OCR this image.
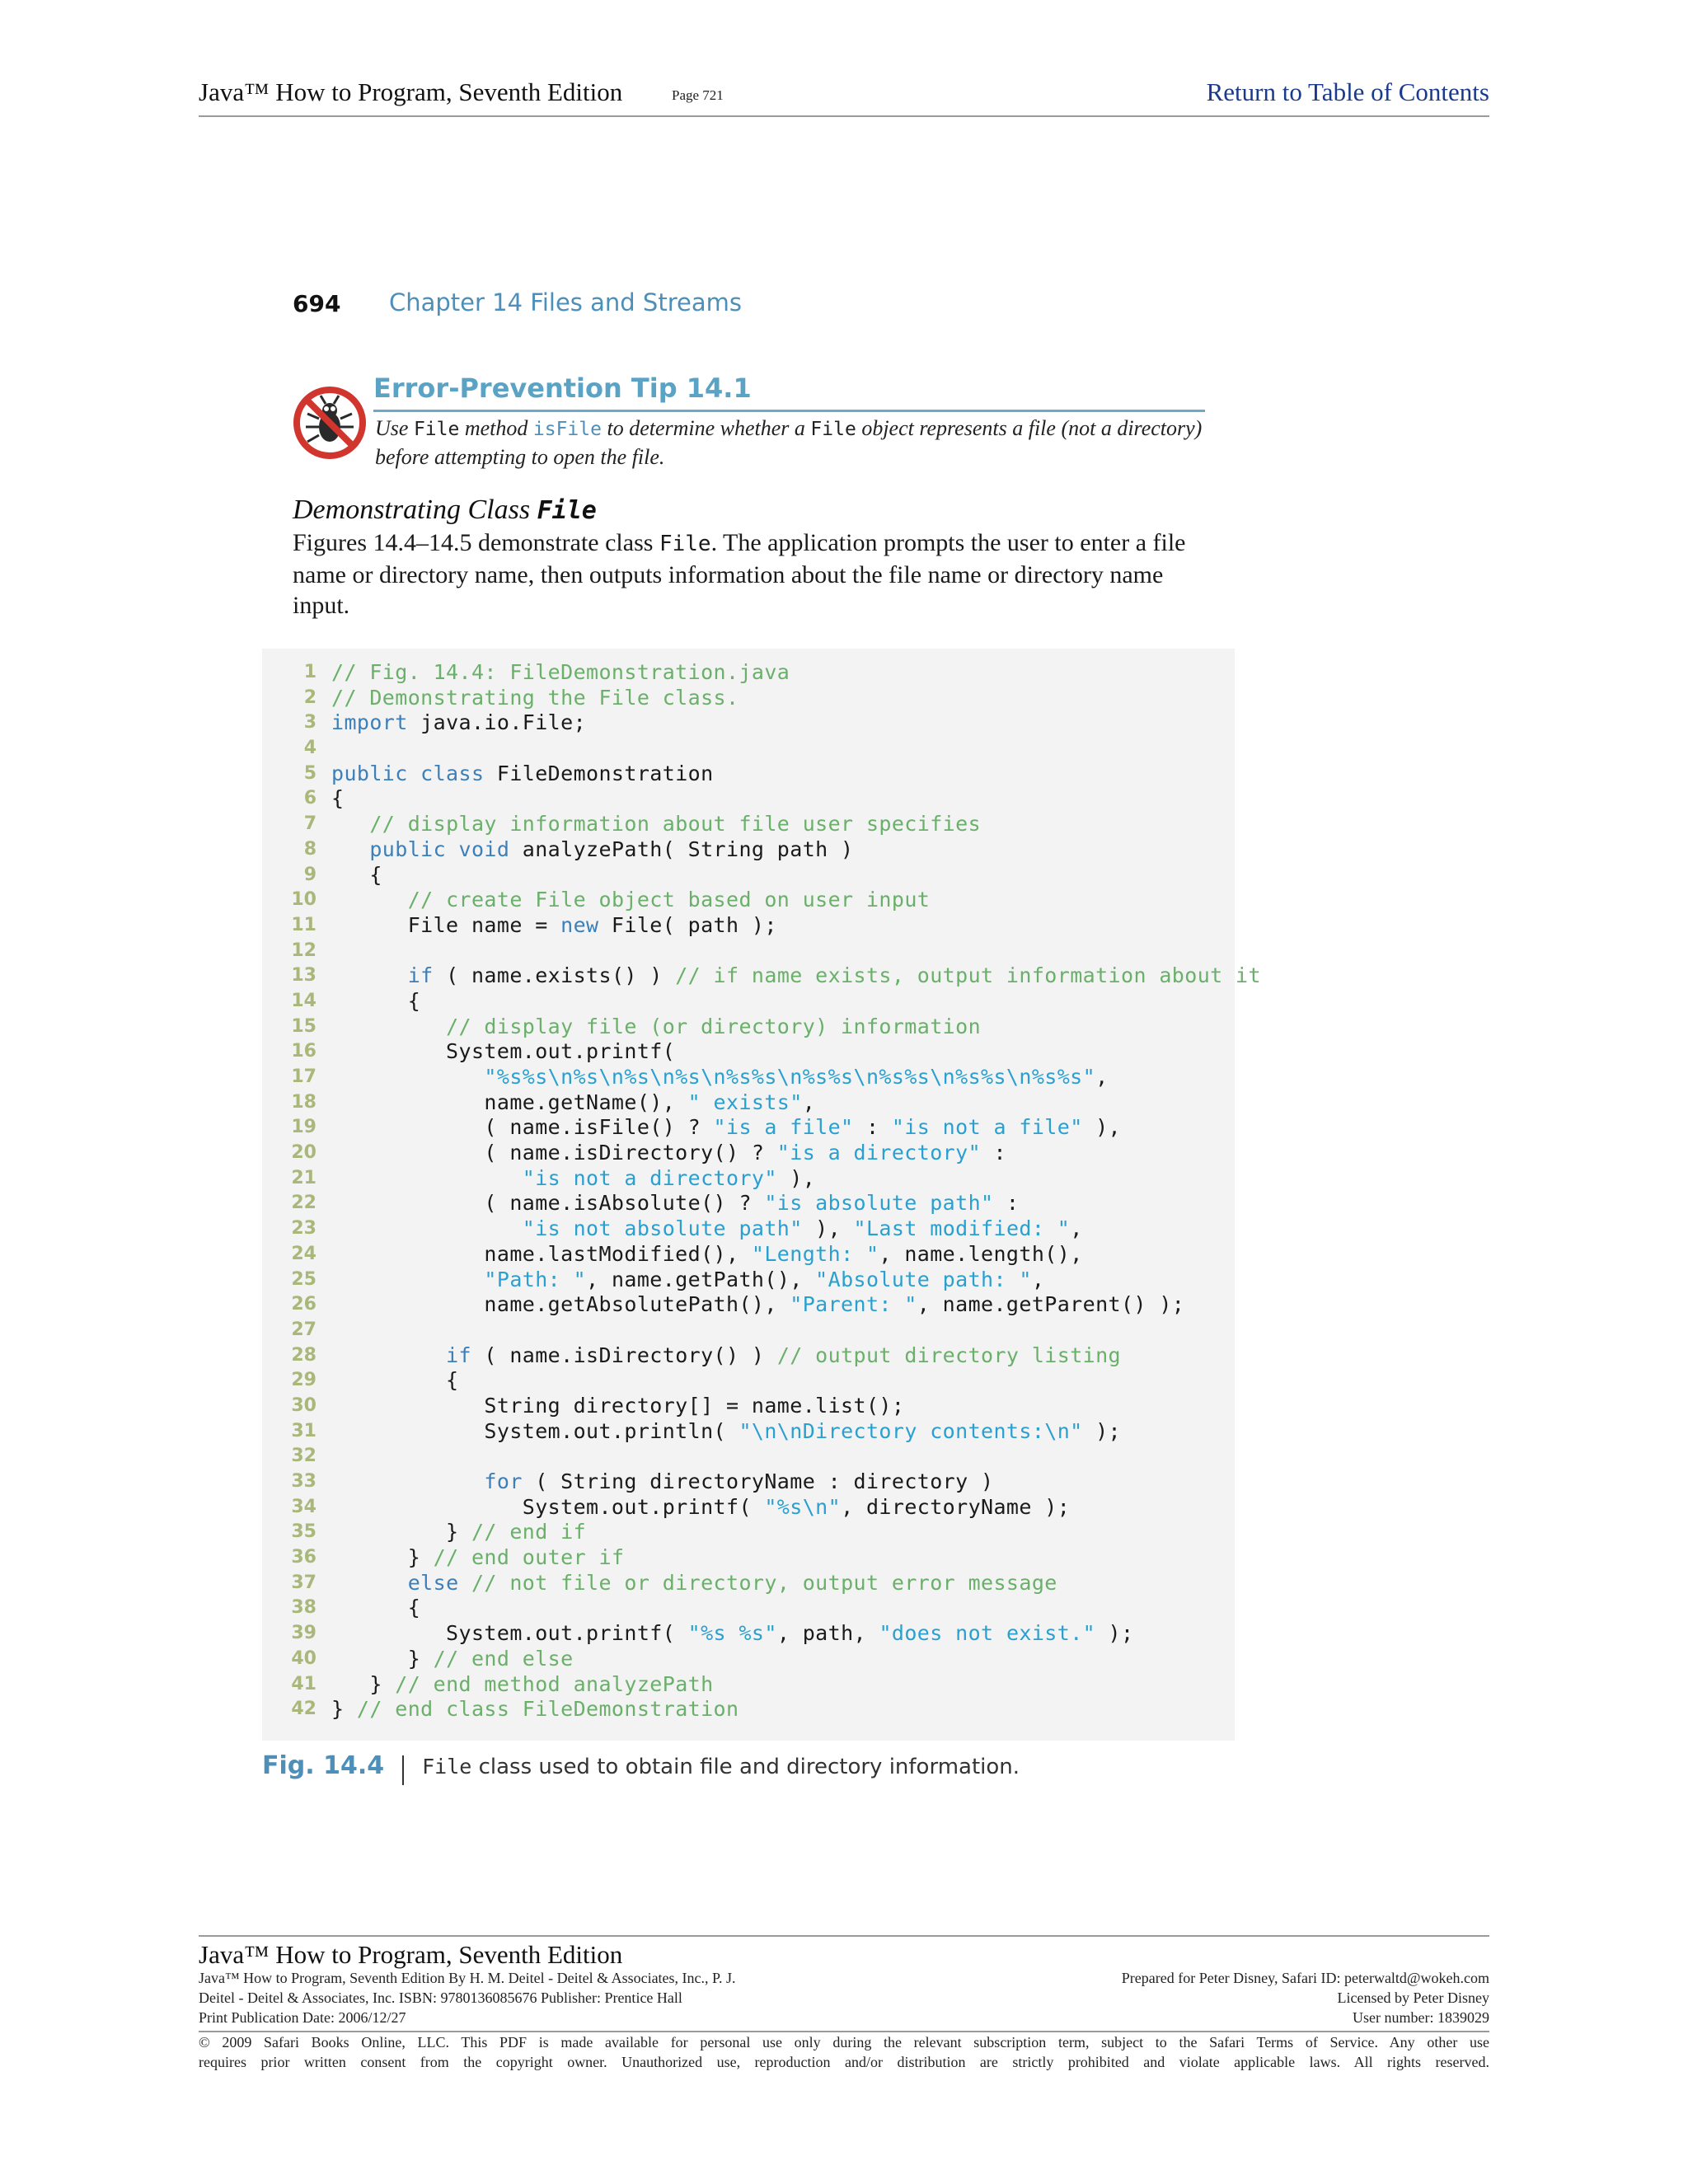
Java™ How to Program, Seventh Edition	Page 721	Return to Table of Contents
694 Chapter 14 Files and Streams
Error-Prevention Tip 14.1
Use File method isFile to determine whether a File object represents a file (not a directory) before attempting to open the file.
Demonstrating Class File
Figures 14.4–14.5 demonstrate class File. The application prompts the user to enter a file name or directory name, then outputs information about the file name or directory name input.
1 // Fig. 14.4: FileDemonstration.java
2 // Demonstrating the File class.
3 import java.io.File;
4
5 public class FileDemonstration
6 {
7	// display information about file user specifies
8	public void analyzePath( String path )
9 {
10	// create File object based on user input
11 File name = new File( path );
12
13	if ( name.exists() ) // if name exists, output information about it
14 {
15	// display file (or directory) information
16 System.out.printf(
17	"%s%s\n%s\n%s\n%s\n%s%s\n%s%s\n%s%s\n%s%s\n%s%s",
18 name.getName(), " exists",
19 ( name.isFile() ? "is a file" : "is not a file" ),
20 ( name.isDirectory() ? "is a directory" :
21	"is not a directory" ),
22 ( name.isAbsolute() ? "is absolute path" :
23	"is not absolute path" ), "Last modified: ",
24 name.lastModified(), "Length: ", name.length(),
25	"Path: ", name.getPath(), "Absolute path: ",
26 name.getAbsolutePath(), "Parent: ", name.getParent() );
27
28	if ( name.isDirectory() ) // output directory listing
29 {
30 String directory[] = name.list();
31 System.out.println( "\n\nDirectory contents:\n" );
32
33	for ( String directoryName : directory )
34 System.out.printf( "%s\n", directoryName );
35 } // end if
36 } // end outer if
37	else // not file or directory, output error message
38 {
39 System.out.printf( "%s %s", path, "does not exist." );
40 } // end else
41 } // end method analyzePath
42 } // end class FileDemonstration
Fig. 14.4 File class used to obtain file and directory information.
Java™ How to Program, Seventh Edition
Java™ How to Program, Seventh Edition By H. M. Deitel - Deitel & Associates, Inc., P. J.	Prepared for Peter Disney, Safari ID: peterwaltd@wokeh.com
Deitel - Deitel & Associates, Inc. ISBN: 9780136085676 Publisher: Prentice Hall	Licensed by Peter Disney
Print Publication Date: 2006/12/27	User number: 1839029
© 2009 Safari Books Online, LLC. This PDF is made available for personal use only during the relevant subscription term, subject to the Safari Terms of Service. Any other use
requires prior written consent from the copyright owner. Unauthorized use, reproduction and/or distribution are strictly prohibited and violate applicable laws. All rights reserved.
